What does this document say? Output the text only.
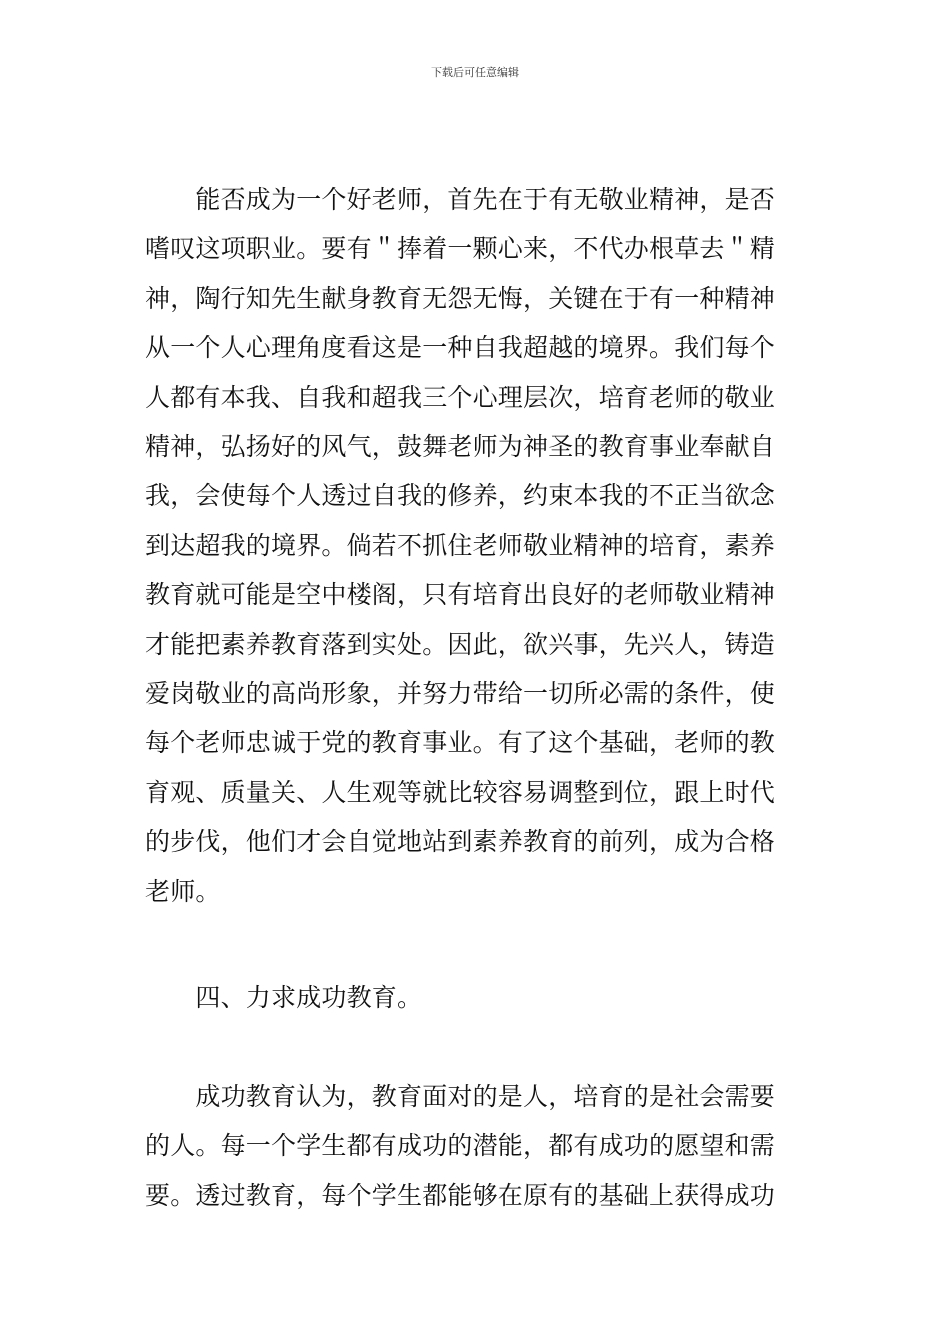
下载后可任意编辑
　　能否成为一个好老师，首先在于有无敬业精神，是否
嗜叹这项职业。要有＂捧着一颗心来，不代办根草去＂精
神，陶行知先生献身教育无怨无悔，关键在于有一种精神
从一个人心理角度看这是一种自我超越的境界。我们每个
人都有本我、自我和超我三个心理层次，培育老师的敬业
精神，弘扬好的风气，鼓舞老师为神圣的教育事业奉献自
我，会使每个人透过自我的修养，约束本我的不正当欲念
到达超我的境界。倘若不抓住老师敬业精神的培育，素养
教育就可能是空中楼阁，只有培育出良好的老师敬业精神
才能把素养教育落到实处。因此，欲兴事，先兴人，铸造
爱岗敬业的高尚形象，并努力带给一切所必需的条件，使
每个老师忠诚于党的教育事业。有了这个基础，老师的教
育观、质量关、人生观等就比较容易调整到位，跟上时代
的步伐，他们才会自觉地站到素养教育的前列，成为合格
老师。
　　四、力求成功教育。
　　成功教育认为，教育面对的是人，培育的是社会需要
的人。每一个学生都有成功的潜能，都有成功的愿望和需
要。透过教育，每个学生都能够在原有的基础上获得成功
